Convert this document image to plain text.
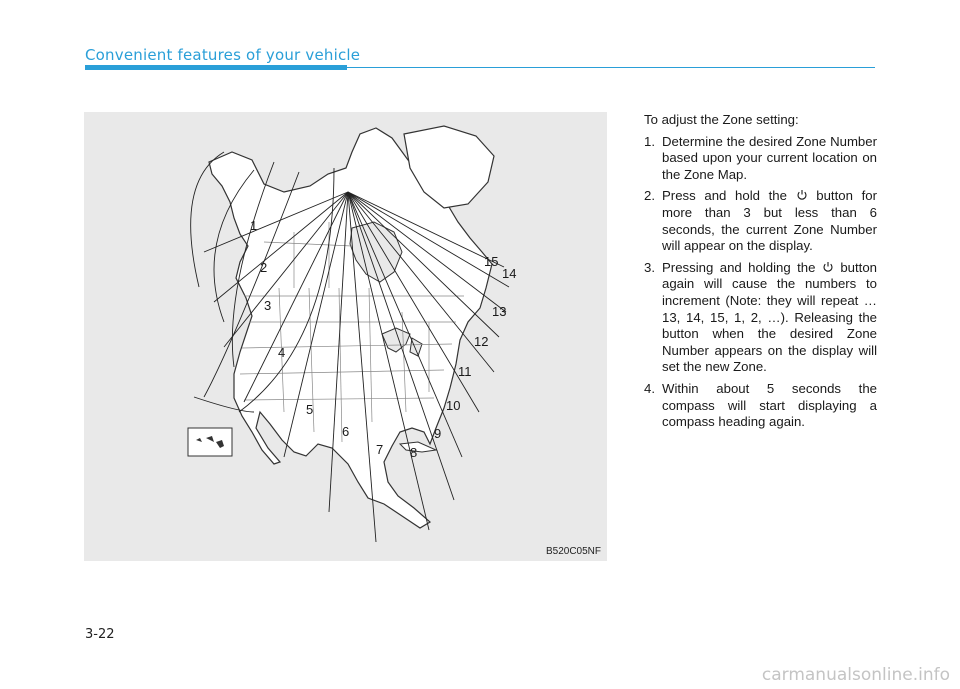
Convenient features of your vehicle
1
2
3
4
5
6
7 8
9
10
11
12
13
14
15
B520C05NF

To adjust the Zone setting:

1. Determine the desired Zone Number based upon your current location on the Zone Map.
2. Press and hold the button for more than 3 but less than 6 seconds, the current Zone Number will appear on the display.
3. Pressing and holding the button again will cause the numbers to increment (Note: they will repeat …13, 14, 15, 1, 2, …). Releasing the button when the desired Zone Number appears on the display will set the new Zone.
4. Within about 5 seconds the compass will start displaying a compass heading again.
3-22
carmanualsonline.info
